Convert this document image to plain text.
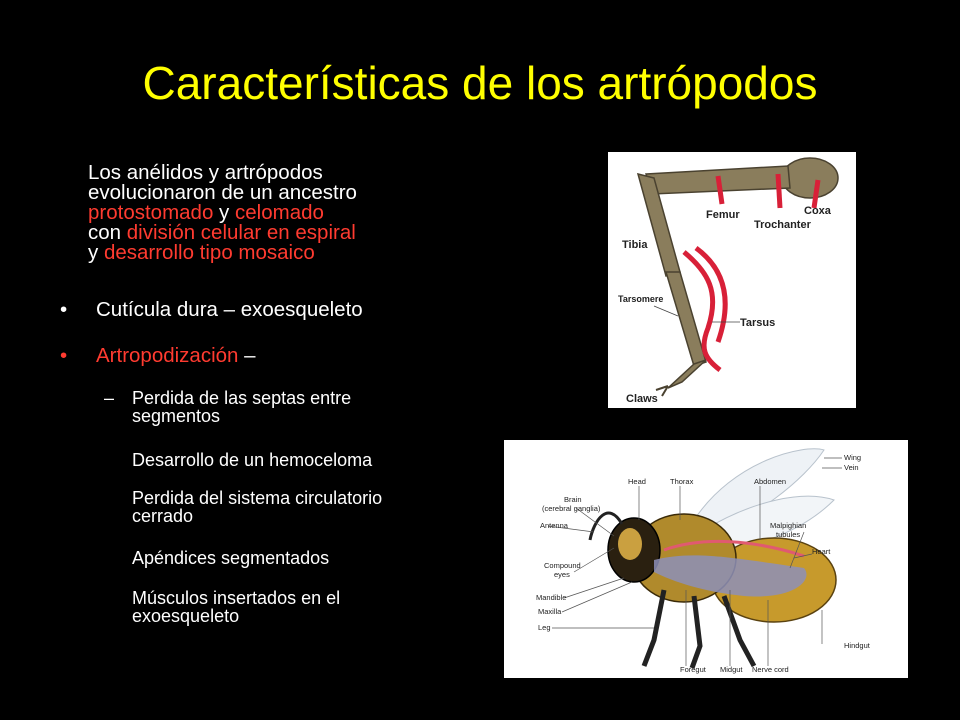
Características de los artrópodos
Los anélidos y artrópodos
evolucionaron de un ancestro
protostomado y celomado
con división celular en espiral
y desarrollo tipo mosaico
• Cutícula dura – exoesqueleto
• Artropodización –
– Perdida de las septas entre
segmentos
Desarrollo de un hemoceloma
Perdida del sistema circulatorio
cerrado
Apéndices segmentados
Músculos insertados en el
exoesqueleto
Femur	Coxa
Trochanter
Tibia
Tarsomere
Tarsus
Claws
Wing
Vein
Head	Thorax	Abdomen
Brain
(cerebral ganglia)
Antenna	Malpighian
tubules
Heart
Compound
eyes
Mandible
Maxilla
Leg
Hindgut
Foregut Midgut Nerve cord
